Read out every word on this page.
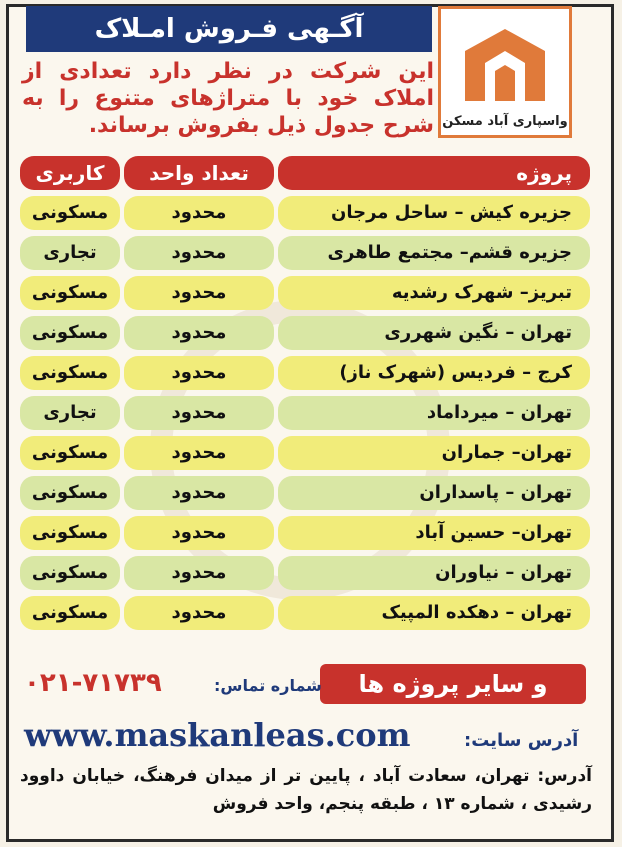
واسپاری آباد مسکن
آگـهی فـروش امـلاک
این شرکت در نظر دارد تعدادی از املاک خود با متراژهای متنوع را به شرح جدول ذیل بفروش برساند.
پروژه
تعداد واحد
کاربری
جزیره کیش – ساحل مرجان
محدود
مسکونی
جزیره قشم– مجتمع طاهری
محدود
تجاری
تبریز– شهرک رشدیه
محدود
مسکونی
تهران – نگین شهرری
محدود
مسکونی
کرج – فردیس (شهرک ناز)
محدود
مسکونی
تهران – میرداماد
محدود
تجاری
تهران– جماران
محدود
مسکونی
تهران – پاسداران
محدود
مسکونی
تهران– حسین آباد
محدود
مسکونی
تهران – نیاوران
محدود
مسکونی
تهران – دهکده المپیک
محدود
مسکونی
و سایر پروژه ها
شماره تماس:
۰۲۱-۷۱۷۳۹
آدرس سایت:
www.maskanleas.com
آدرس: تهران، سعادت آباد ، پایین تر از میدان فرهنگ، خیابان داوود رشیدی ، شماره ۱۳ ، طبقه پنجم، واحد فروش
